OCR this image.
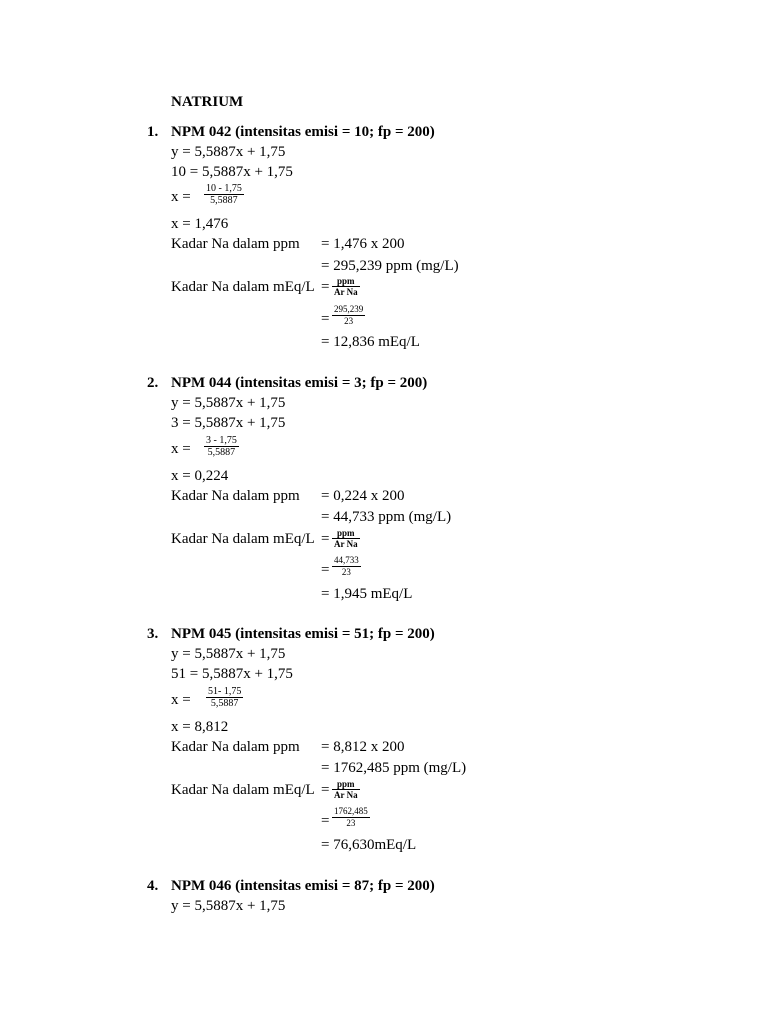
NATRIUM
1. NPM 042 (intensitas emisi = 10; fp = 200)
y = 5,5887x + 1,75
10 = 5,5887x + 1,75
$x = \frac{10 - 1,75}{5,5887}$
x = 1,476
Kadar Na dalam ppm = 1,476 x 200
= 295,239 ppm (mg/L)
Kadar Na dalam mEq/L = ppm
Ar Na
= $\frac{295,239}{23}$
= 12,836 mEq/L
2. NPM 044 (intensitas emisi = 3; fp = 200)
y = 5,5887x + 1,75
3 = 5,5887x + 1,75
$x = \frac{3 - 1,75}{5,5887}$
x = 0,224
Kadar Na dalam ppm = 0,224 x 200
= 44,733 ppm (mg/L)
Kadar Na dalam mEq/L = ppm
Ar Na
= $\frac{44,733}{23}$
= 1,945 mEq/L
3. NPM 045 (intensitas emisi = 51; fp = 200)
y = 5,5887x + 1,75
51 = 5,5887x + 1,75
$x = \frac{51- 1,75}{5,5887}$
x = 8,812
Kadar Na dalam ppm = 8,812 x 200
= 1762,485 ppm (mg/L)
Kadar Na dalam mEq/L = ppm
Ar Na
= $\frac{1762,485}{23}$
= 76,630mEq/L
4. NPM 046 (intensitas emisi = 87; fp = 200)
y = 5,5887x + 1,75
